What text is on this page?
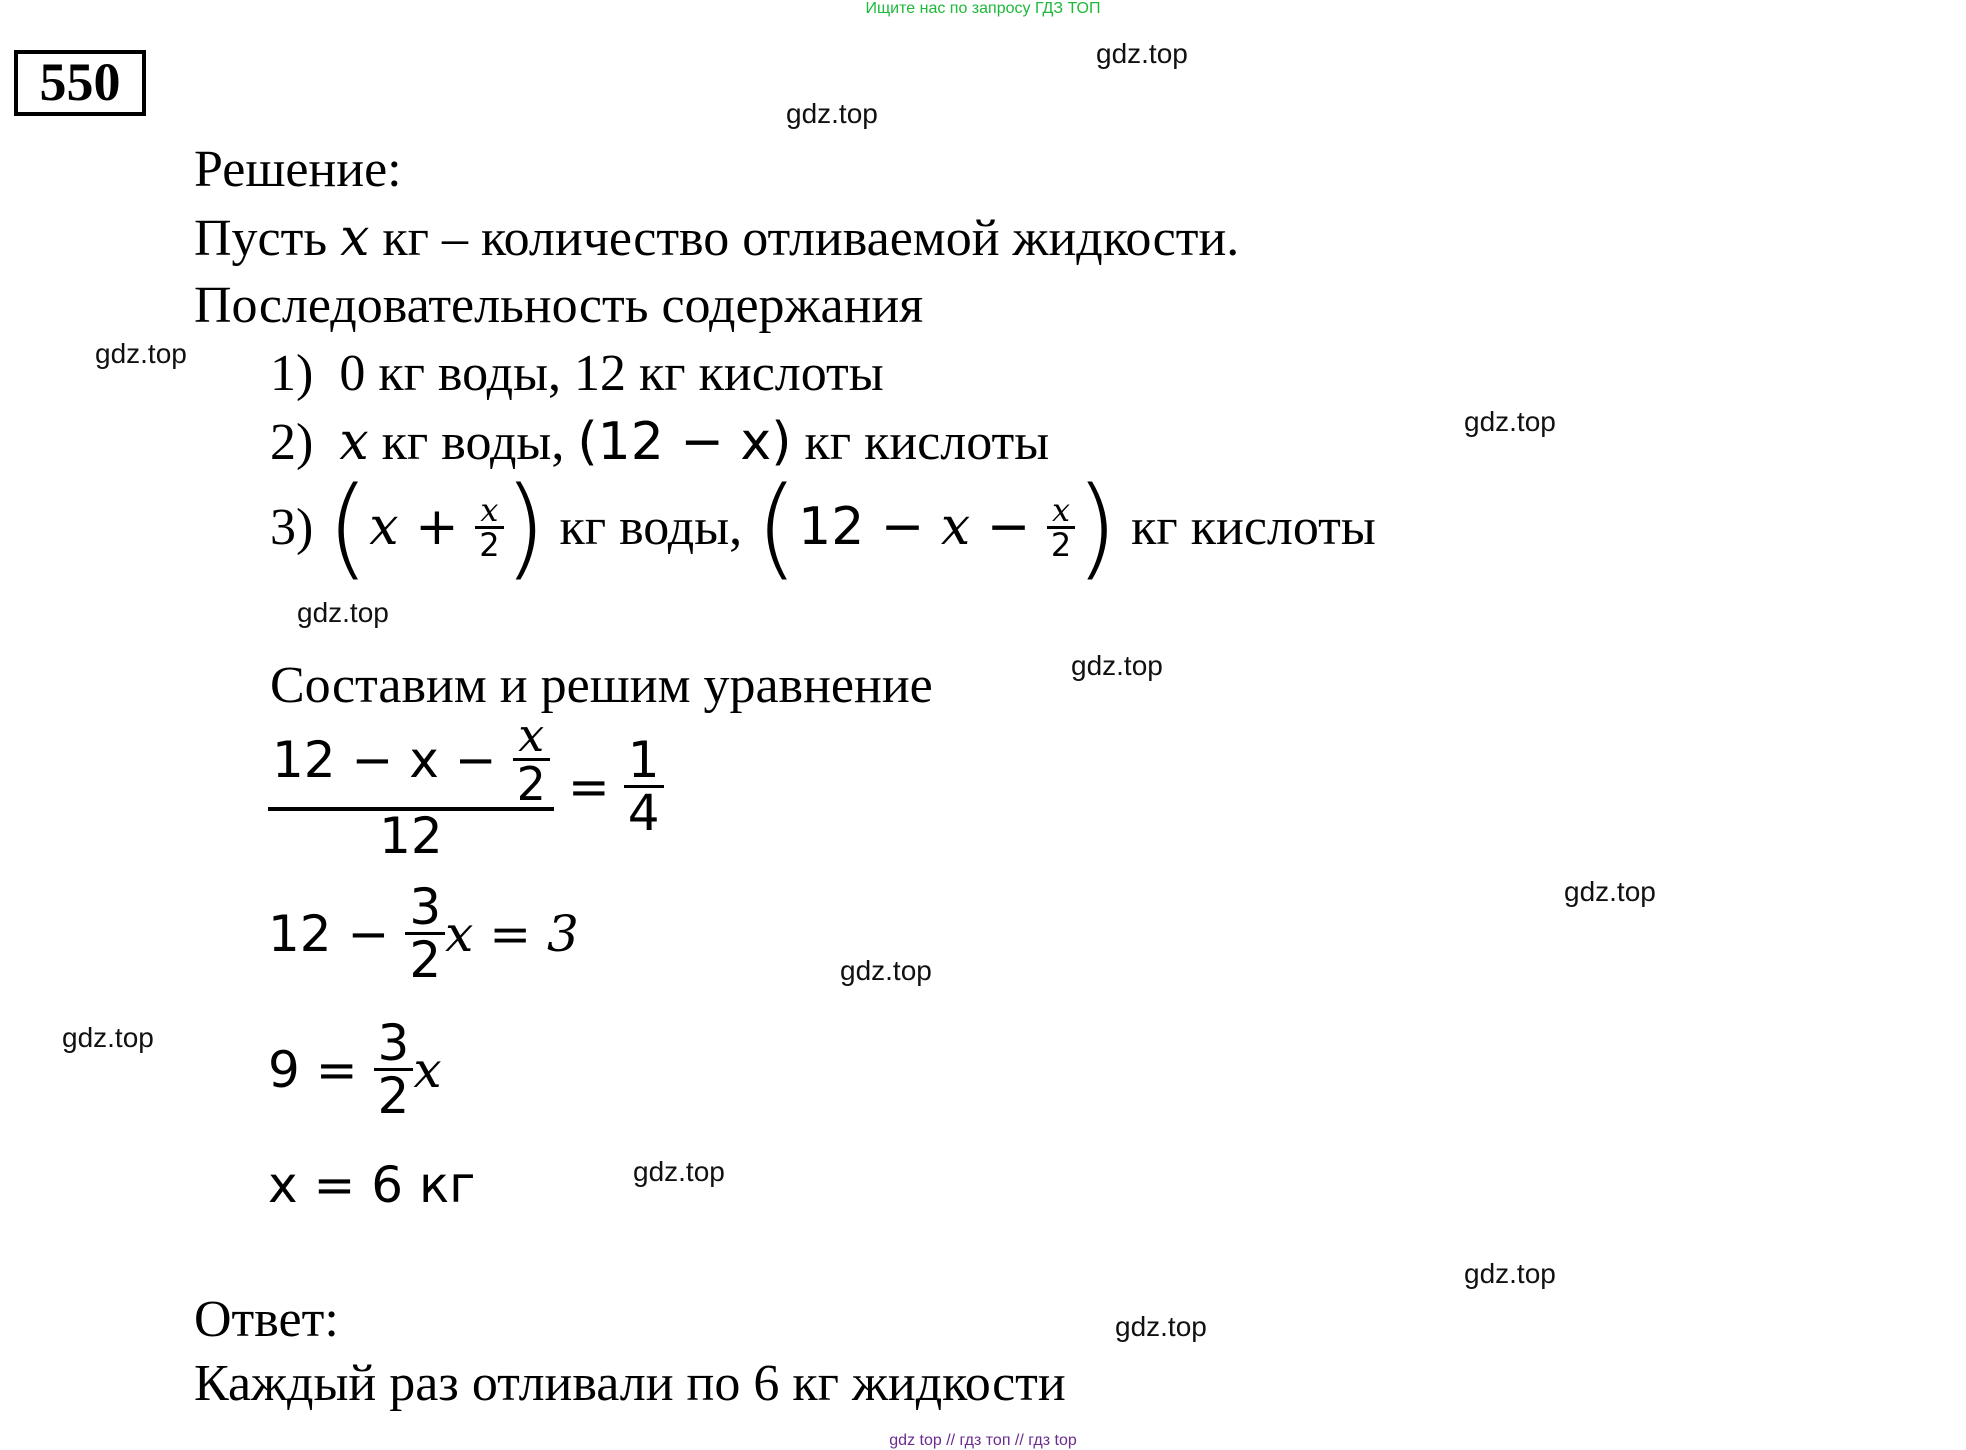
Ищите нас по запросу ГДЗ ТОП
550	gdz.top
gdz.top
gdz.top
gdz.top
gdz.top
gdz.top
gdz.top
gdz.top
gdz.top
gdz.top
gdz.top
gdz.top
Решение:
Пусть x кг – количество отливаемой жидкости.
Последовательность содержания
1) 0 кг воды, 12 кг кислоты
2) x кг воды, (12 − x) кг кислоты
3)
( $x + \frac{x}{2}$ )
кг воды,
( $12 - x - \frac{x}{2}$ )
кг кислоты
Составим и решим уравнение
12 − x −
$\frac{x}{2}$
$12 = \frac{1}{4}$
12 −
$\frac{3}{2}$ x = 3
9 =
$\frac{3}{2}$ x
x = 6 кг
Ответ:
Каждый раз отливали по 6 кг жидкости
gdz top // гдз топ // гдз top
